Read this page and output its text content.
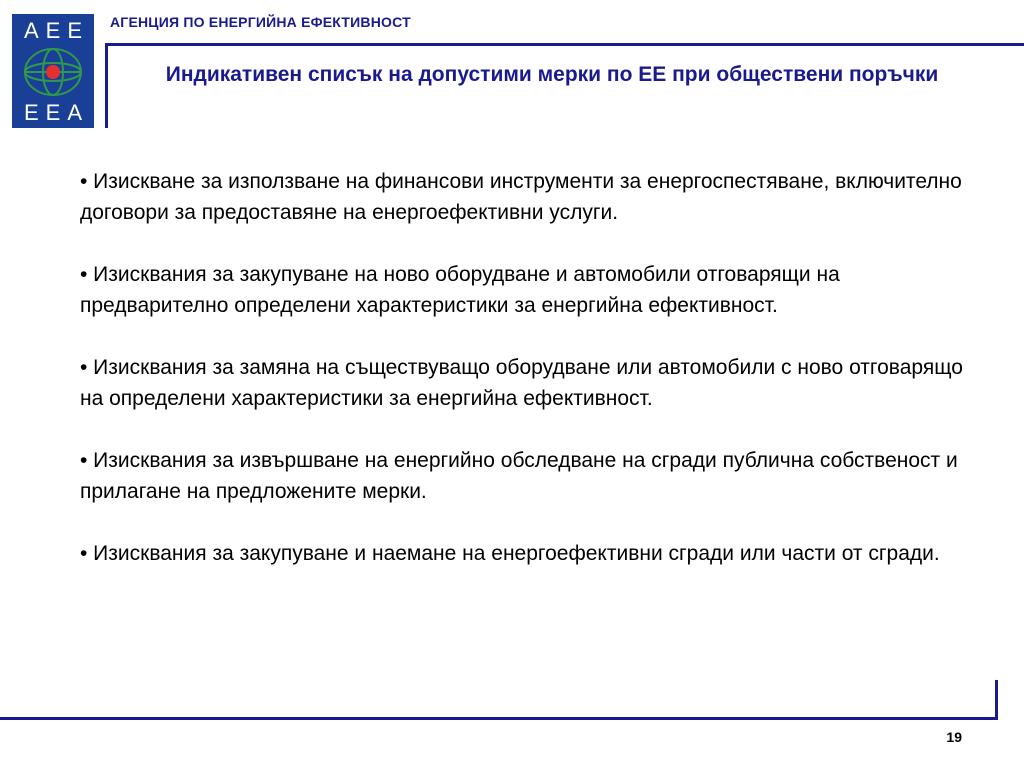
AEE
EEA
АГЕНЦИЯ ПО ЕНЕРГИЙНА ЕФЕКТИВНОСТ
Индикативен списък на допустими мерки по ЕЕ при обществени поръчки

• Изискване за използване на финансови инструменти за енергоспестяване, включително договори за предоставяне на енергоефективни услуги.

• Изисквания за закупуване на ново оборудване и автомобили отговарящи на предварително определени характеристики за енергийна ефективност.

• Изисквания за замяна на съществуващо оборудване или автомобили с ново отговарящо на определени характеристики за енергийна ефективност.

• Изисквания за извършване на енергийно обследване на сгради публична собственост и прилагане на предложените мерки.

• Изисквания за закупуване и наемане на енергоефективни сгради или части от сгради.

19
